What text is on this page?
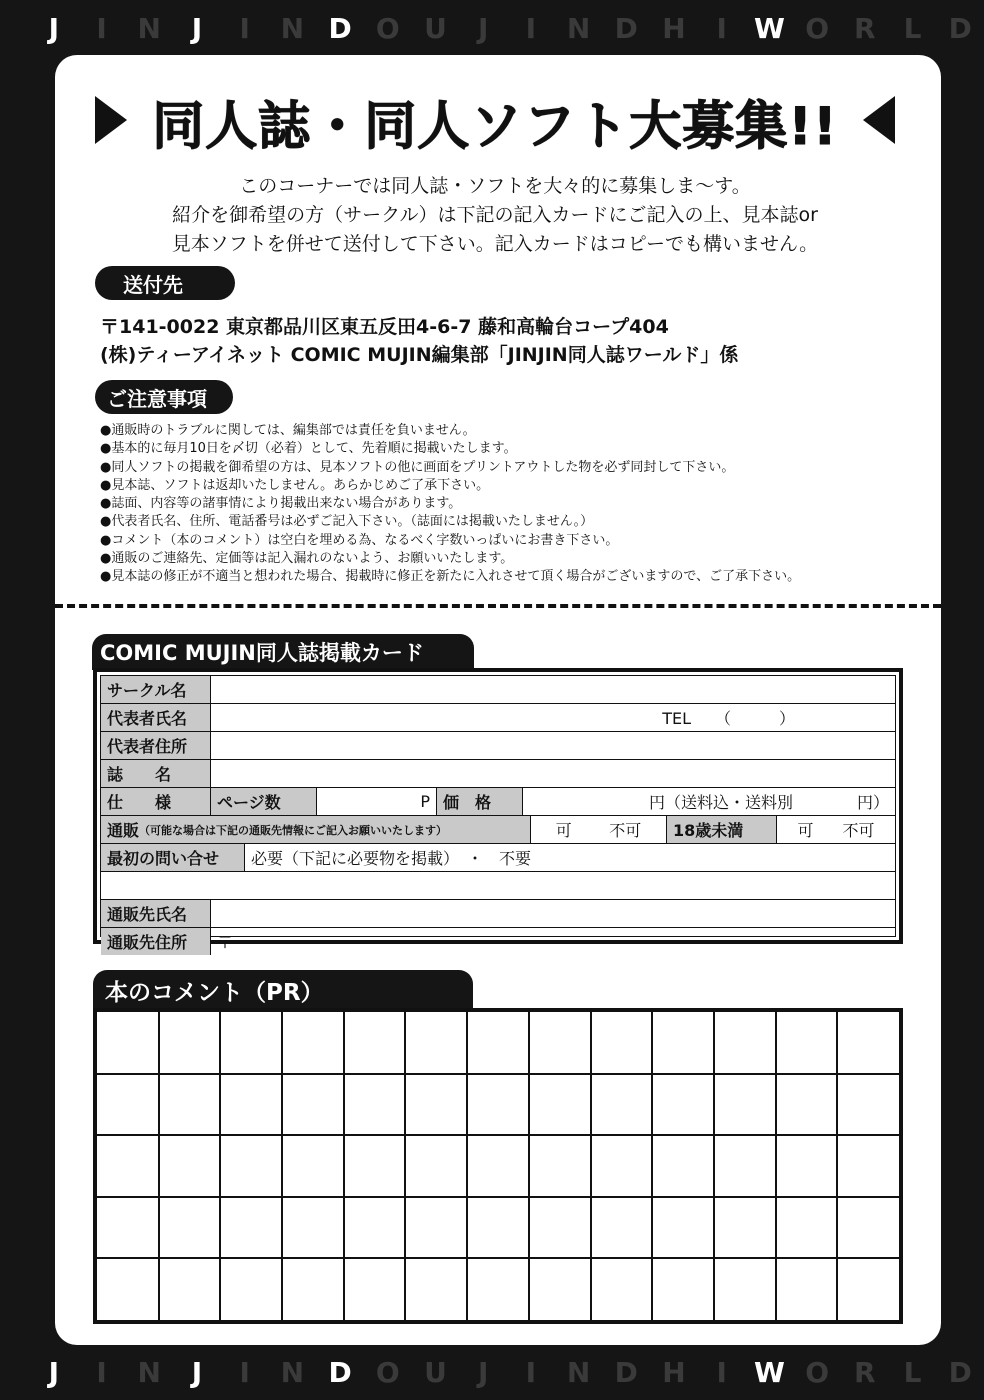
J	I	N	J	I	N D O U	J	I	N D H	I W O R	L D
J	I	N	J	I	N D O U	J	I	N D H	I W O R	L D
同人誌・同人ソフト大募集!!
このコーナーでは同人誌・ソフトを大々的に募集しま〜す。
紹介を御希望の方（サークル）は下記の記入カードにご記入の上、見本誌or
見本ソフトを併せて送付して下さい。記入カードはコピーでも構いません。
送付先
〒141-0022 東京都品川区東五反田4-6-7 藤和高輪台コープ404
(株)ティーアイネット COMIC MUJIN編集部「JINJIN同人誌ワールド」係
ご注意事項
● 通販時のトラブルに関しては、編集部では責任を負いません。
● 基本的に毎月10日を〆切（必着）として、先着順に掲載いたします。
● 同人ソフトの掲載を御希望の方は、見本ソフトの他に画面をプリントアウトした物を必ず同封して下さい。
● 見本誌、ソフトは返却いたしません。あらかじめご了承下さい。
● 誌面、内容等の諸事情により掲載出来ない場合があります。
● 代表者氏名、住所、電話番号は必ずご記入下さい。（誌面には掲載いたしません。）
● コメント（本のコメント）は空白を埋める為、なるべく字数いっぱいにお書き下さい。
● 通販のご連絡先、定価等は記入漏れのないよう、お願いいたします。
● 見本誌の修正が不適当と想われた場合、掲載時に修正を新たに入れさせて頂く場合がございますので、ご了承下さい。
COMIC MUJIN同人誌掲載カード
サークル名
代表者氏名	TEL　　（　　　）
代表者住所
誌　　名
仕　　様	ページ数	P 価　格	円（送料込・送料別　　　　円）
通販 （可能な場合は下記の通販先情報にご記入お願いいたします）	可 不可	18歳未満	可 不可
最初の問い合せ	必要（下記に必要物を掲載）　・　不要
通販先氏名
通販先住所	〒
本のコメント（PR）
